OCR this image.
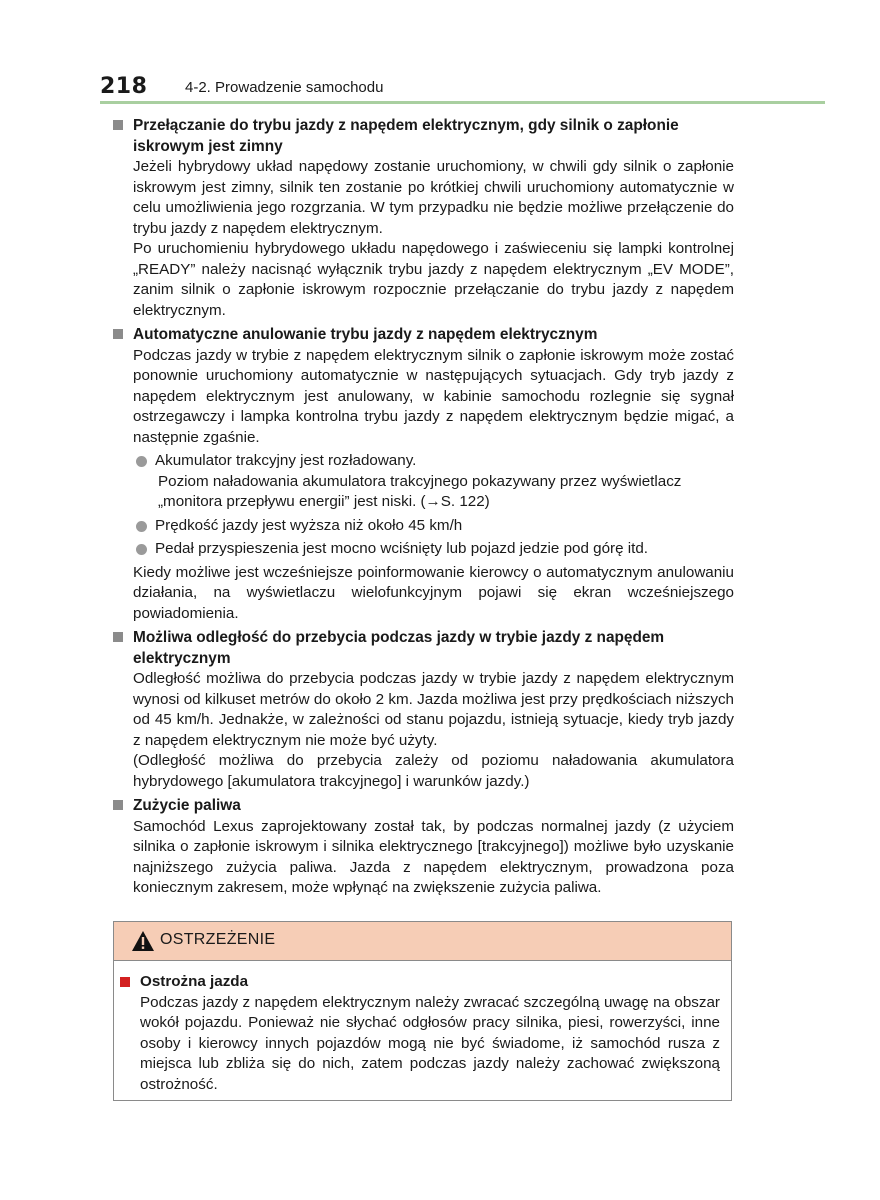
218	4-2. Prowadzenie samochodu
Przełączanie do trybu jazdy z napędem elektrycznym, gdy silnik o zapłonie iskrowym jest zimny
Jeżeli hybrydowy układ napędowy zostanie uruchomiony, w chwili gdy silnik o zapłonie iskrowym jest zimny, silnik ten zostanie po krótkiej chwili uruchomiony automatycznie w celu umożliwienia jego rozgrzania. W tym przypadku nie będzie możliwe przełączenie do trybu jazdy z napędem elektrycznym.
Po uruchomieniu hybrydowego układu napędowego i zaświeceniu się lampki kontrolnej „READY” należy nacisnąć wyłącznik trybu jazdy z napędem elektrycznym „EV MODE”, zanim silnik o zapłonie iskrowym rozpocznie przełączanie do trybu jazdy z napędem elektrycznym.
Automatyczne anulowanie trybu jazdy z napędem elektrycznym
Podczas jazdy w trybie z napędem elektrycznym silnik o zapłonie iskrowym może zostać ponownie uruchomiony automatycznie w następujących sytuacjach. Gdy tryb jazdy z napędem elektrycznym jest anulowany, w kabinie samochodu rozlegnie się sygnał ostrzegawczy i lampka kontrolna trybu jazdy z napędem elektrycznym będzie migać, a następnie zgaśnie.
Akumulator trakcyjny jest rozładowany.
Poziom naładowania akumulatora trakcyjnego pokazywany przez wyświetlacz „monitora przepływu energii” jest niski. (→S. 122)
Prędkość jazdy jest wyższa niż około 45 km/h
Pedał przyspieszenia jest mocno wciśnięty lub pojazd jedzie pod górę itd.
Kiedy możliwe jest wcześniejsze poinformowanie kierowcy o automatycznym anulowaniu działania, na wyświetlaczu wielofunkcyjnym pojawi się ekran wcześniejszego powiadomienia.
Możliwa odległość do przebycia podczas jazdy w trybie jazdy z napędem elektrycznym
Odległość możliwa do przebycia podczas jazdy w trybie jazdy z napędem elektrycznym wynosi od kilkuset metrów do około 2 km. Jazda możliwa jest przy prędkościach niższych od 45 km/h. Jednakże, w zależności od stanu pojazdu, istnieją sytuacje, kiedy tryb jazdy z napędem elektrycznym nie może być użyty.
(Odległość możliwa do przebycia zależy od poziomu naładowania akumulatora hybrydowego [akumulatora trakcyjnego] i warunków jazdy.)
Zużycie paliwa
Samochód Lexus zaprojektowany został tak, by podczas normalnej jazdy (z użyciem silnika o zapłonie iskrowym i silnika elektrycznego [trakcyjnego]) możliwe było uzyskanie najniższego zużycia paliwa. Jazda z napędem elektrycznym, prowadzona poza koniecznym zakresem, może wpłynąć na zwiększenie zużycia paliwa.
OSTRZEŻENIE
Ostrożna jazda
Podczas jazdy z napędem elektrycznym należy zwracać szczególną uwagę na obszar wokół pojazdu. Ponieważ nie słychać odgłosów pracy silnika, piesi, rowerzyści, inne osoby i kierowcy innych pojazdów mogą nie być świadome, iż samochód rusza z miejsca lub zbliża się do nich, zatem podczas jazdy należy zachować zwiększoną ostrożność.
